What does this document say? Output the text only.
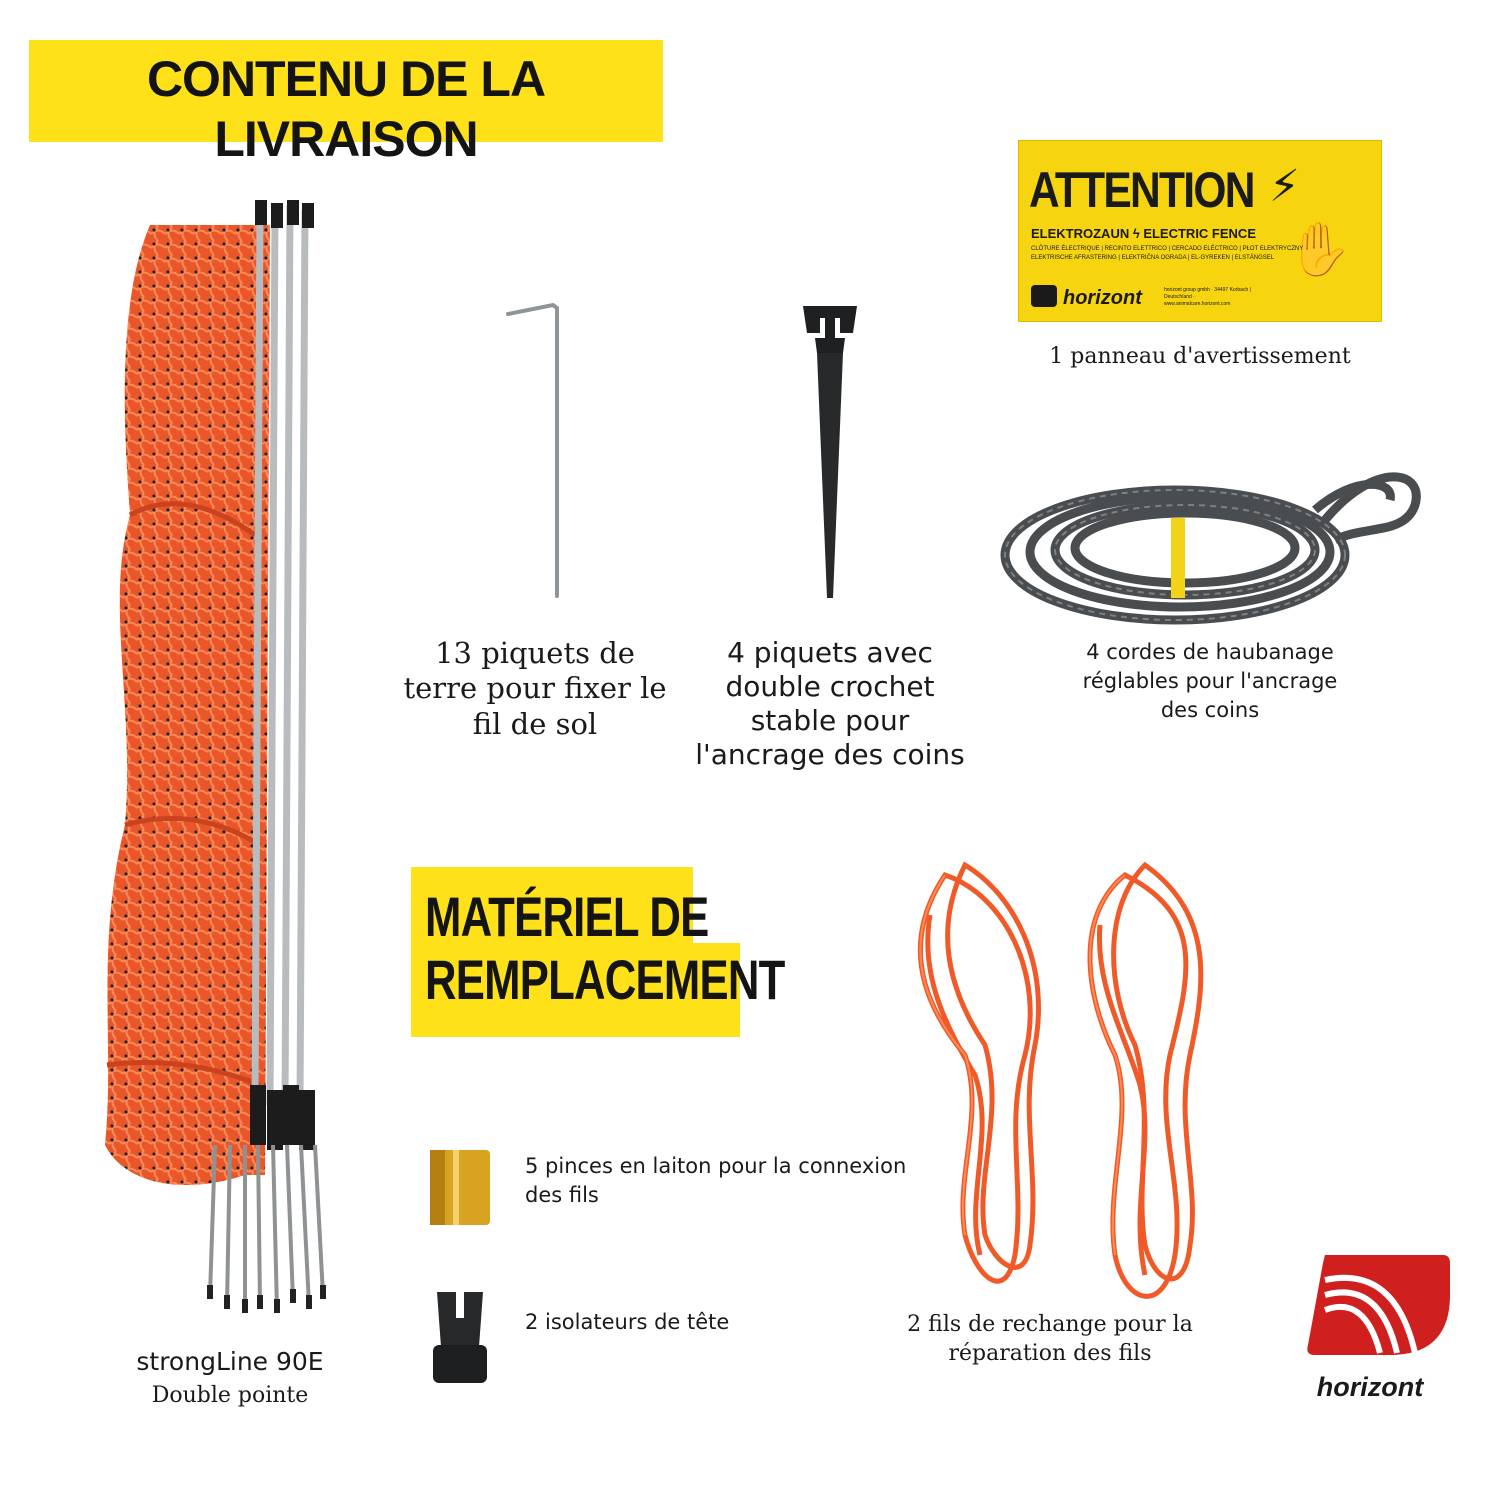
CONTENU DE LA
LIVRAISON
strongLine 90E
Double pointe
13 piquets de terre pour fixer le fil de sol
4 piquets avec double crochet stable pour l'ancrage des coins
ATTENTION ⚡
✋
ELEKTROZAUN ϟ ELECTRIC FENCE
CLÔTURE ÉLECTRIQUE | RECINTO ELETTRICO | CERCADO ELÉCTRICO | PŁOT ELEKTRYCZNY
ELEKTRISCHE AFRASTERING | ELEKTRIČNA OGRADA | EL-GYREKEN | ELSTÄNGSEL
horizont	horizont group gmbh · 34497 Korbach | Deutschland · www.animalcare.horizont.com
1 panneau d'avertissement
4 cordes de haubanage réglables pour l'ancrage des coins
MATÉRIEL DE
REMPLACEMENT
5 pinces en laiton pour la connexion des fils
2 isolateurs de tête	2 fils de rechange pour la réparation des fils
horizont
